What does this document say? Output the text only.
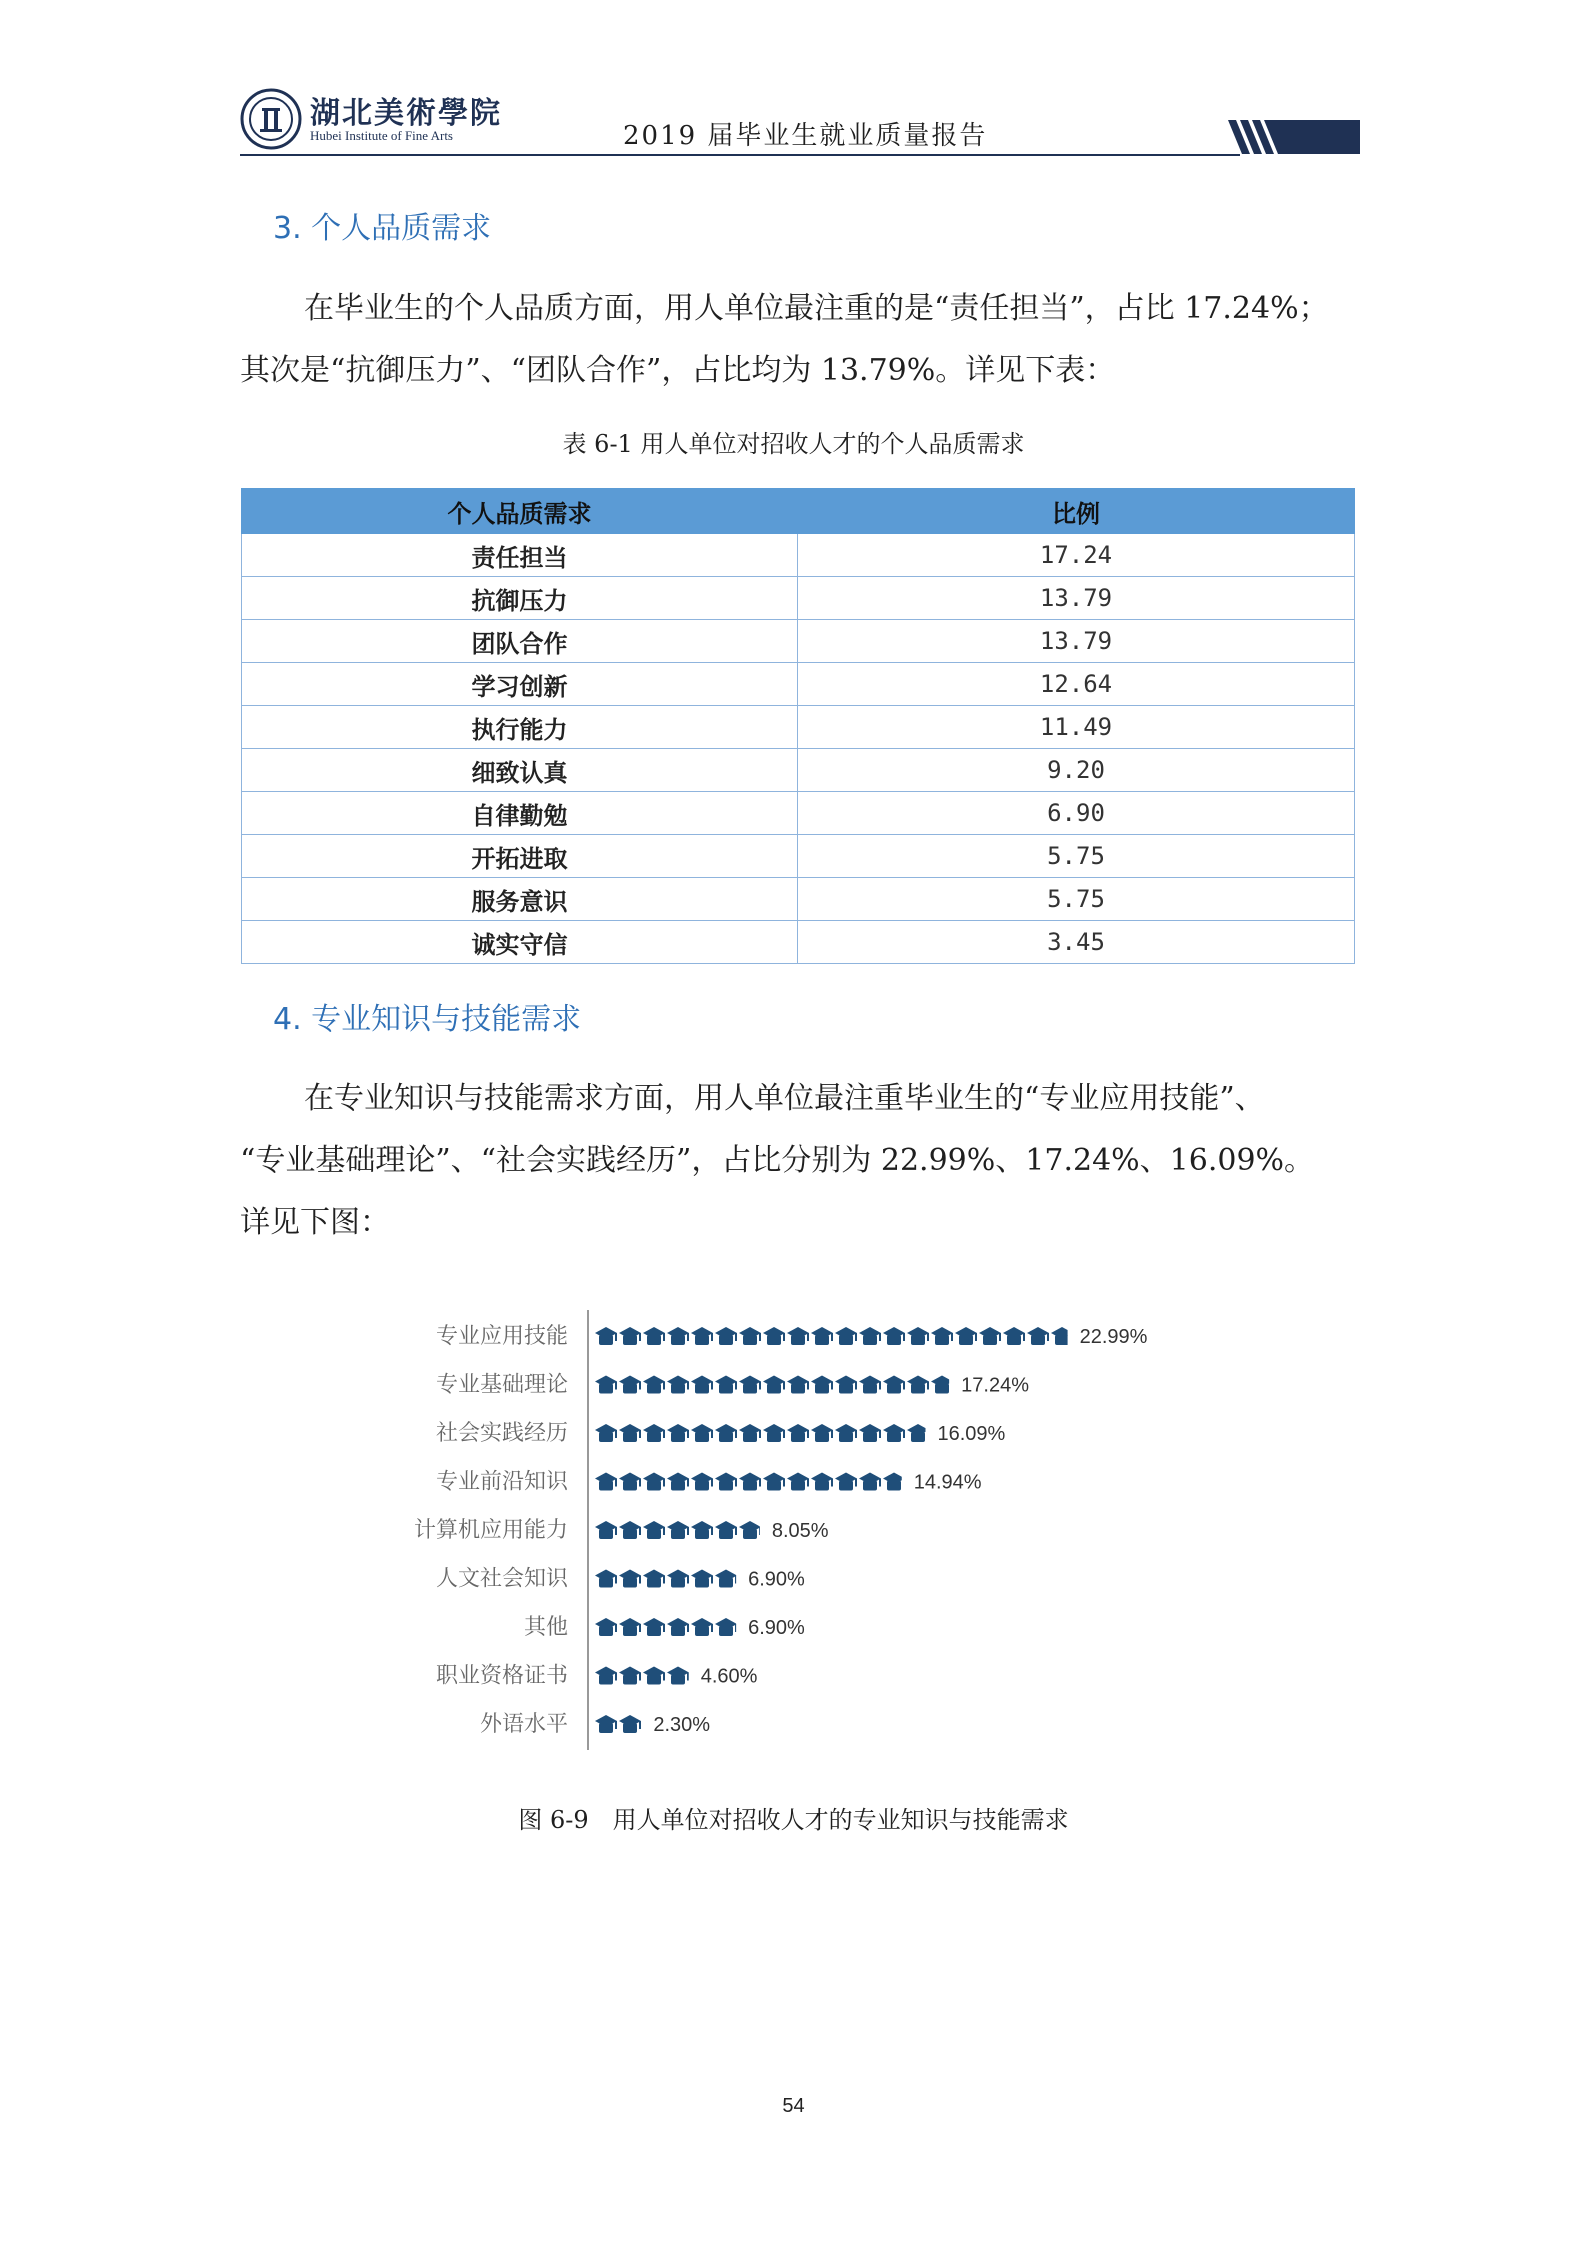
湖北美術學院
Hubei Institute of Fine Arts	2019 届毕业生就业质量报告
3. 个人品质需求

在毕业生的个人品质方面，用人单位最注重的是“责任担当”，占比 17.24%；

其次是“抗御压力”、“团队合作”，占比均为 13.79%。详见下表：

表 6-1 用人单位对招收人才的个人品质需求
个人品质需求	比例
责任担当	17.24
抗御压力	13.79
团队合作	13.79
学习创新	12.64
执行能力	11.49
细致认真	9.20
自律勤勉	6.90
开拓进取	5.75
服务意识	5.75
诚实守信	3.45
4. 专业知识与技能需求

在专业知识与技能需求方面，用人单位最注重毕业生的“专业应用技能”、

“专业基础理论”、“社会实践经历”，占比分别为 22.99%、17.24%、16.09%。

详见下图：

专业应用技能	22.99%
专业基础理论	17.24%
社会实践经历	16.09%
专业前沿知识	14.94%
计算机应用能力	8.05%
人文社会知识	6.90%
其他	6.90%
职业资格证书	4.60%
外语水平	2.30%
图 6-9　用人单位对招收人才的专业知识与技能需求
54
